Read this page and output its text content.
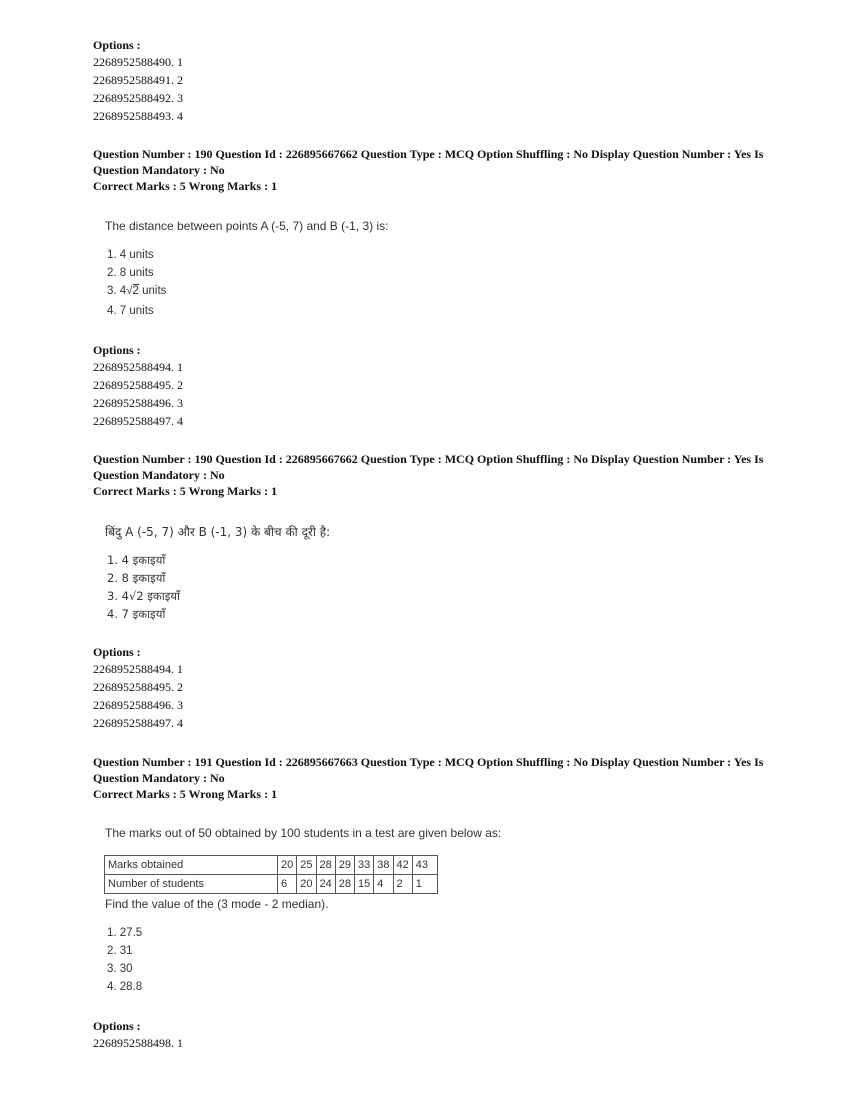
Options :
2268952588490. 1
2268952588491. 2
2268952588492. 3
2268952588493. 4
Question Number : 190 Question Id : 226895667662 Question Type : MCQ Option Shuffling : No Display Question Number : Yes Is
Question Mandatory : No
Correct Marks : 5 Wrong Marks : 1
The distance between points A (-5, 7) and B (-1, 3) is:
1. 4 units
2. 8 units
3. 4√2 units
4. 7 units
Options :
2268952588494. 1
2268952588495. 2
2268952588496. 3
2268952588497. 4
Question Number : 190 Question Id : 226895667662 Question Type : MCQ Option Shuffling : No Display Question Number : Yes Is
Question Mandatory : No
Correct Marks : 5 Wrong Marks : 1
बिंदु A (-5, 7) और B (-1, 3) के बीच की दूरी है:
1. 4 इकाइयाँ
2. 8 इकाइयाँ
3. 4√2 इकाइयाँ
4. 7 इकाइयाँ
Options :
2268952588494. 1
2268952588495. 2
2268952588496. 3
2268952588497. 4
Question Number : 191 Question Id : 226895667663 Question Type : MCQ Option Shuffling : No Display Question Number : Yes Is
Question Mandatory : No
Correct Marks : 5 Wrong Marks : 1
The marks out of 50 obtained by 100 students in a test are given below as:
Marks obtained	20	25	28	29	33	38	42	43
Number of students	6	20	24	28	15	4	2	1
Find the value of the (3 mode - 2 median).
1. 27.5
2. 31
3. 30
4. 28.8
Options :
2268952588498. 1
